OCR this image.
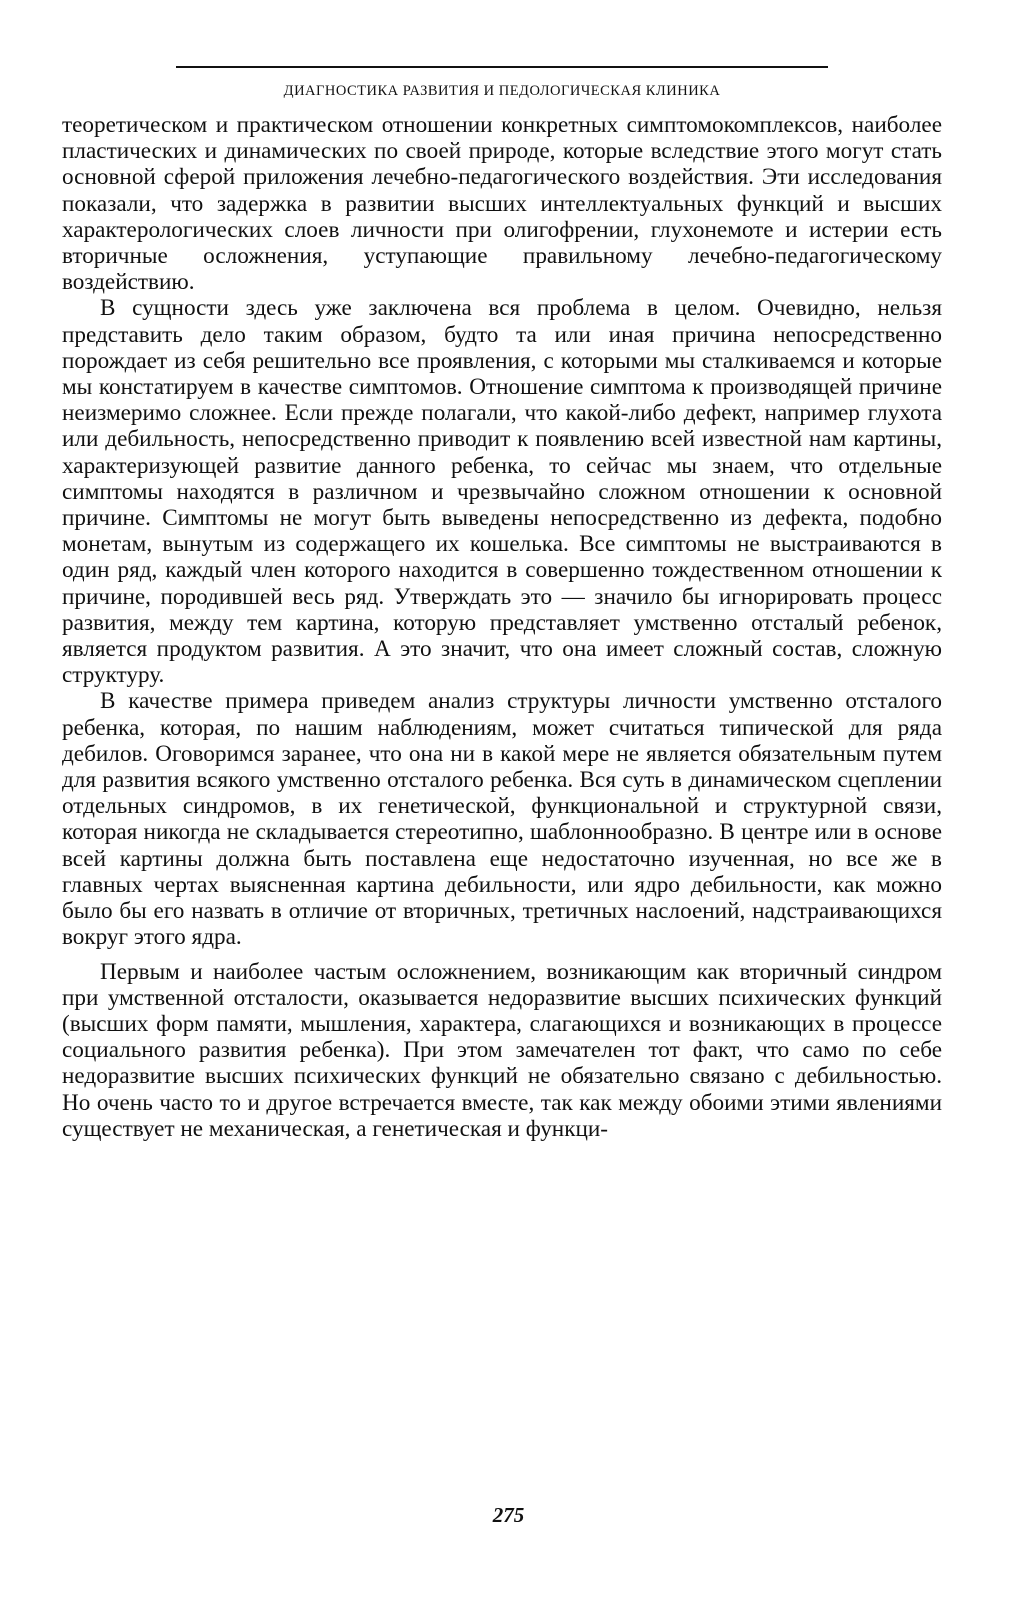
ДИАГНОСТИКА РАЗВИТИЯ И ПЕДОЛОГИЧЕСКАЯ КЛИНИКА

теоретическом и практическом отношении конкретных симптомокомплексов, наиболее пластических и динамических по своей природе, которые вследствие этого могут стать основной сферой приложения лечебно-педагогического воздействия. Эти исследования показали, что задержка в развитии высших интеллектуальных функций и высших характерологических слоев личности при олигофрении, глухонемоте и истерии есть вторичные осложнения, уступающие правильному лечебно-педагогическому воздействию.

В сущности здесь уже заключена вся проблема в целом. Очевидно, нельзя представить дело таким образом, будто та или иная причина непосредственно порождает из себя решительно все проявления, с которыми мы сталкиваемся и которые мы констатируем в качестве симптомов. Отношение симптома к производящей причине неизмеримо сложнее. Если прежде полагали, что какой-либо дефект, например глухота или дебильность, непосредственно приводит к появлению всей известной нам картины, характеризующей развитие данного ребенка, то сейчас мы знаем, что отдельные симптомы находятся в различном и чрезвычайно сложном отношении к основной причине. Симптомы не могут быть выведены непосредственно из дефекта, подобно монетам, вынутым из содержащего их кошелька. Все симптомы не выстраиваются в один ряд, каждый член которого находится в совершенно тождественном отношении к причине, породившей весь ряд. Утверждать это — значило бы игнорировать процесс развития, между тем картина, которую представляет умственно отсталый ребенок, является продуктом развития. А это значит, что она имеет сложный состав, сложную структуру.

В качестве примера приведем анализ структуры личности умственно отсталого ребенка, которая, по нашим наблюдениям, может считаться типической для ряда дебилов. Оговоримся заранее, что она ни в какой мере не является обязательным путем для развития всякого умственно отсталого ребенка. Вся суть в динамическом сцеплении отдельных синдромов, в их генетической, функциональной и структурной связи, которая никогда не складывается стереотипно, шаблоннообразно. В центре или в основе всей картины должна быть поставлена еще недостаточно изученная, но все же в главных чертах выясненная картина дебильности, или ядро дебильности, как можно было бы его назвать в отличие от вторичных, третичных наслоений, надстраивающихся вокруг этого ядра.

Первым и наиболее частым осложнением, возникающим как вторичный синдром при умственной отсталости, оказывается недоразвитие высших психических функций (высших форм памяти, мышления, характера, слагающихся и возникающих в процессе социального развития ребенка). При этом замечателен тот факт, что само по себе недоразвитие высших психических функций не обязательно связано с дебильностью. Но очень часто то и другое встречается вместе, так как между обоими этими явлениями существует не механическая, а генетическая и функци-

275
